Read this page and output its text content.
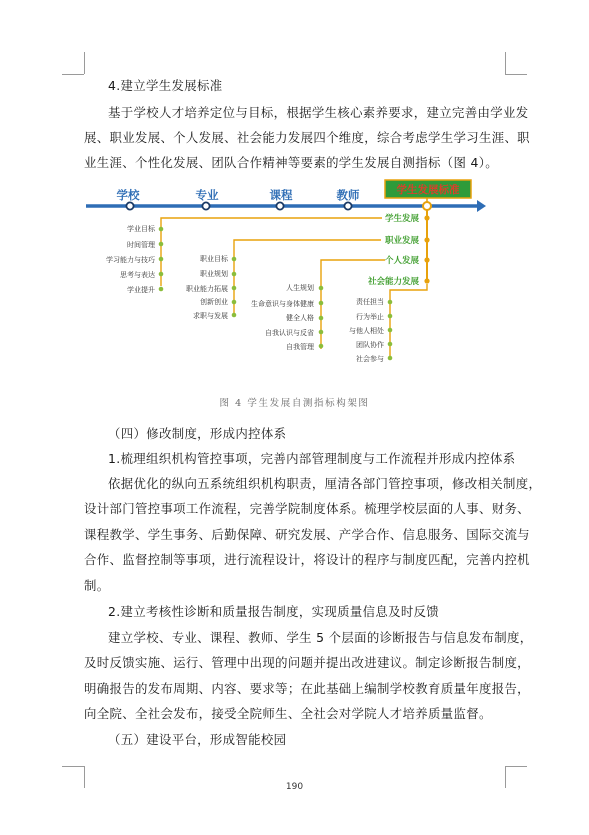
4.建立学生发展标准

基于学校人才培养定位与目标，根据学生核心素养要求，建立完善由学业发

展、职业发展、个人发展、社会能力发展四个维度，综合考虑学生学习生涯、职

业生涯、个性化发展、团队合作精神等要素的学生发展自测指标（图 4）。

学校	专业	课程	教师	学生发展标准
学生发展
职业发展
个人发展
社会能力发展
学业目标
时间管理
学习能力与技巧
思考与表达
学业提升
职业目标
职业规划
职业能力拓展
创新创业
求职与发展
人生规划
生命意识与身体健康
健全人格
自我认识与反省
自我管理
责任担当
行为举止
与他人相处
团队协作
社会参与
图 4 学生发展自测指标构架图

（四）修改制度，形成内控体系

1.梳理组织机构管控事项，完善内部管理制度与工作流程并形成内控体系

依据优化的纵向五系统组织机构职责，厘清各部门管控事项，修改相关制度，

设计部门管控事项工作流程，完善学院制度体系。梳理学校层面的人事、财务、

课程教学、学生事务、后勤保障、研究发展、产学合作、信息服务、国际交流与

合作、监督控制等事项，进行流程设计，将设计的程序与制度匹配，完善内控机

制。

2.建立考核性诊断和质量报告制度，实现质量信息及时反馈

建立学校、专业、课程、教师、学生 5 个层面的诊断报告与信息发布制度，

及时反馈实施、运行、管理中出现的问题并提出改进建议。制定诊断报告制度，

明确报告的发布周期、内容、要求等；在此基础上编制学校教育质量年度报告，

向全院、全社会发布，接受全院师生、全社会对学院人才培养质量监督。

（五）建设平台，形成智能校园

190
